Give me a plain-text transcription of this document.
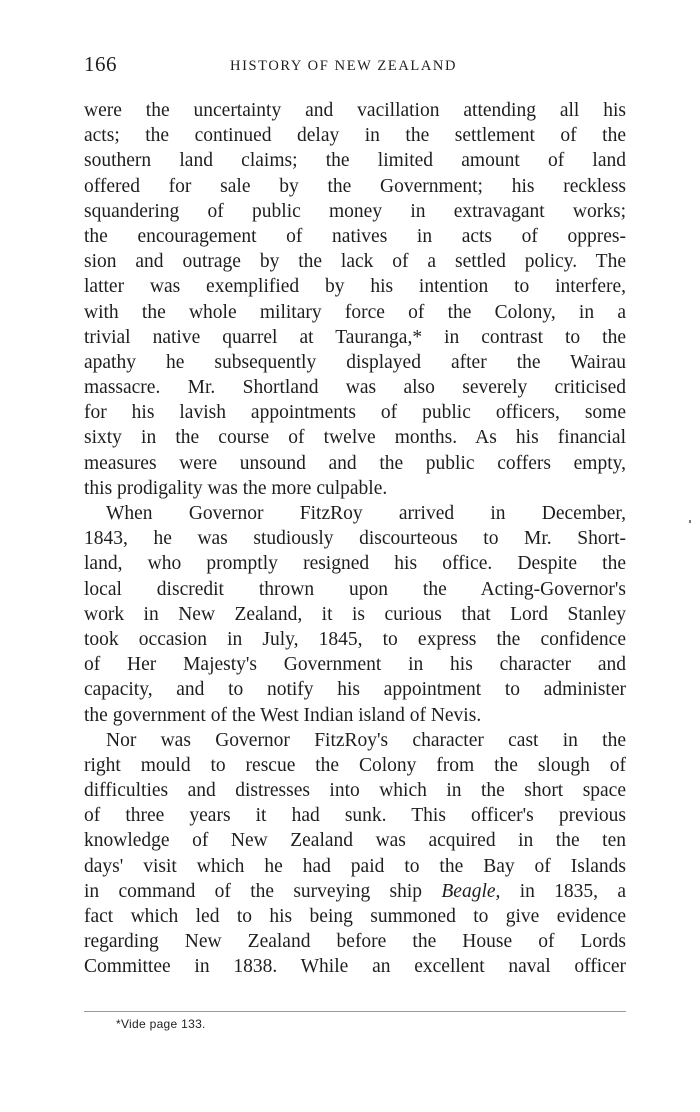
166	HISTORY OF NEW ZEALAND
were the uncertainty and vacillation attending all his
acts; the continued delay in the settlement of the
southern land claims; the limited amount of land
offered for sale by the Government; his reckless
squandering of public money in extravagant works;
the encouragement of natives in acts of oppres-
sion and outrage by the lack of a settled policy. The
latter was exemplified by his intention to interfere,
with the whole military force of the Colony, in a
trivial native quarrel at Tauranga,* in contrast to the
apathy he subsequently displayed after the Wairau
massacre. Mr. Shortland was also severely criticised
for his lavish appointments of public officers, some
sixty in the course of twelve months. As his financial
measures were unsound and the public coffers empty,
this prodigality was the more culpable.
When Governor FitzRoy arrived in December,
1843, he was studiously discourteous to Mr. Short-
land, who promptly resigned his office. Despite the
local discredit thrown upon the Acting-Governor's
work in New Zealand, it is curious that Lord Stanley
took occasion in July, 1845, to express the confidence
of Her Majesty's Government in his character and
capacity, and to notify his appointment to administer
the government of the West Indian island of Nevis.
Nor was Governor FitzRoy's character cast in the
right mould to rescue the Colony from the slough of
difficulties and distresses into which in the short space
of three years it had sunk. This officer's previous
knowledge of New Zealand was acquired in the ten
days' visit which he had paid to the Bay of Islands
in command of the surveying ship Beagle, in 1835, a
fact which led to his being summoned to give evidence
regarding New Zealand before the House of Lords
Committee in 1838. While an excellent naval officer
*Vide page 133.
